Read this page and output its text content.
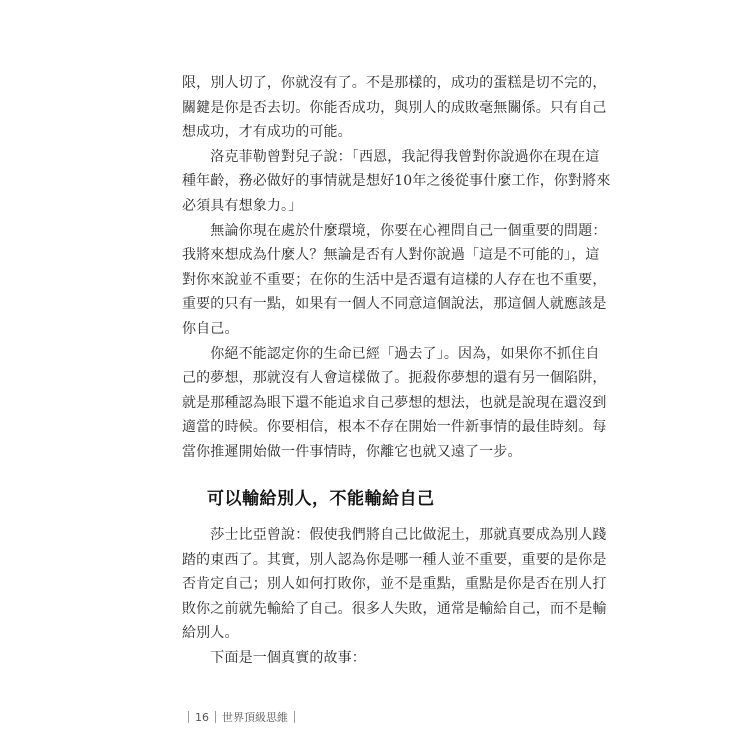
限，別人切了，你就沒有了。不是那樣的，成功的蛋糕是切不完的，
關鍵是你是否去切。你能否成功，與別人的成敗毫無關係。只有自己
想成功，才有成功的可能。
　　洛克菲勒曾對兒子說：「西恩，我記得我曾對你說過你在現在這
種年齡，務必做好的事情就是想好10年之後從事什麼工作，你對將來
必須具有想象力。」
　　無論你現在處於什麼環境，你要在心裡問自己一個重要的問題：
我將來想成為什麼人？無論是否有人對你說過「這是不可能的」，這
對你來說並不重要；在你的生活中是否還有這樣的人存在也不重要，
重要的只有一點，如果有一個人不同意這個說法，那這個人就應該是
你自己。
　　你絕不能認定你的生命已經「過去了」。因為，如果你不抓住自
己的夢想，那就沒有人會這樣做了。扼殺你夢想的還有另一個陷阱，
就是那種認為眼下還不能追求自己夢想的想法，也就是說現在還沒到
適當的時候。你要相信，根本不存在開始一件新事情的最佳時刻。每
當你推遲開始做一件事情時，你離它也就又遠了一步。
可以輸給別人，不能輸給自己
　　莎士比亞曾說：假使我們將自己比做泥土，那就真要成為別人踐
踏的東西了。其實，別人認為你是哪一種人並不重要，重要的是你是
否肯定自己；別人如何打敗你，並不是重點，重點是你是否在別人打
敗你之前就先輸給了自己。很多人失敗，通常是輸給自己，而不是輸
給別人。
　　下面是一個真實的故事：
16 世界頂級思維
